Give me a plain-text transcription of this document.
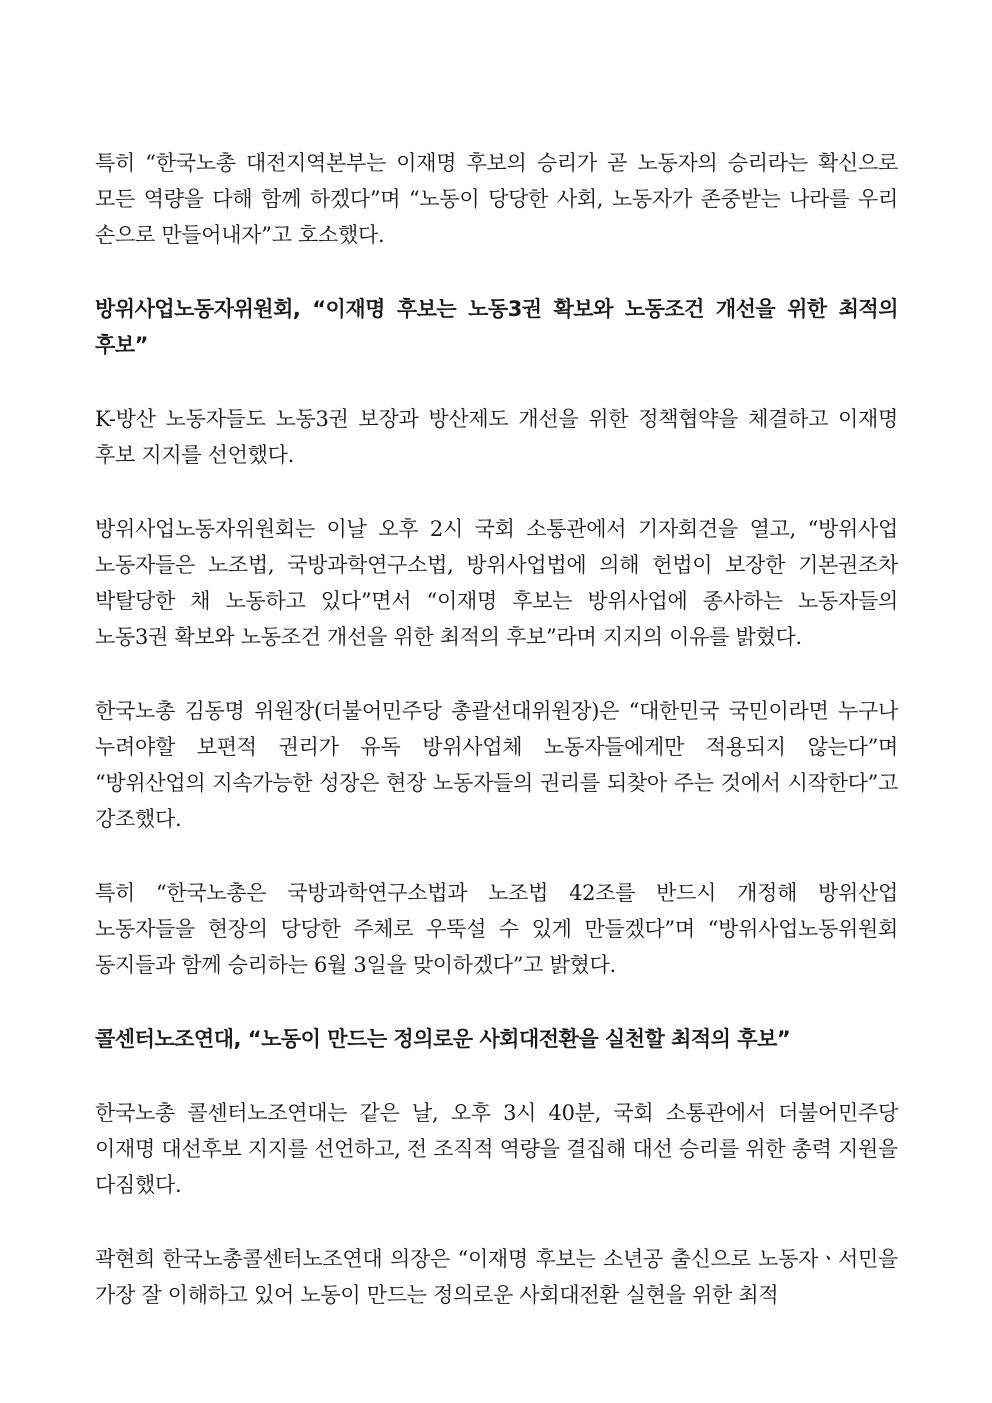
특히 “한국노총 대전지역본부는 이재명 후보의 승리가 곧 노동자의 승리라는 확신으로 모든 역량을 다해 함께 하겠다”며 “노동이 당당한 사회, 노동자가 존중받는 나라를 우리 손으로 만들어내자”고 호소했다.

방위사업노동자위원회, “이재명 후보는 노동3권 확보와 노동조건 개선을 위한 최적의 후보”

K-방산 노동자들도 노동3권 보장과 방산제도 개선을 위한 정책협약을 체결하고 이재명 후보 지지를 선언했다.

방위사업노동자위원회는 이날 오후 2시 국회 소통관에서 기자회견을 열고, “방위사업 노동자들은 노조법, 국방과학연구소법, 방위사업법에 의해 헌법이 보장한 기본권조차 박탈당한 채 노동하고 있다”면서 “이재명 후보는 방위사업에 종사하는 노동자들의 노동3권 확보와 노동조건 개선을 위한 최적의 후보”라며 지지의 이유를 밝혔다.

한국노총 김동명 위원장(더불어민주당 총괄선대위원장)은 “대한민국 국민이라면 누구나 누려야할 보편적 권리가 유독 방위사업체 노동자들에게만 적용되지 않는다”며 “방위산업의 지속가능한 성장은 현장 노동자들의 권리를 되찾아 주는 것에서 시작한다”고 강조했다.

특히 “한국노총은 국방과학연구소법과 노조법 42조를 반드시 개정해 방위산업 노동자들을 현장의 당당한 주체로 우뚝설 수 있게 만들겠다”며 “방위사업노동위원회 동지들과 함께 승리하는 6월 3일을 맞이하겠다”고 밝혔다.

콜센터노조연대, “노동이 만드는 정의로운 사회대전환을 실천할 최적의 후보”

한국노총 콜센터노조연대는 같은 날, 오후 3시 40분, 국회 소통관에서 더불어민주당 이재명 대선후보 지지를 선언하고, 전 조직적 역량을 결집해 대선 승리를 위한 총력 지원을 다짐했다.

곽현희 한국노총콜센터노조연대 의장은 “이재명 후보는 소년공 출신으로 노동자ㆍ서민을 가장 잘 이해하고 있어 노동이 만드는 정의로운 사회대전환 실현을 위한 최적
